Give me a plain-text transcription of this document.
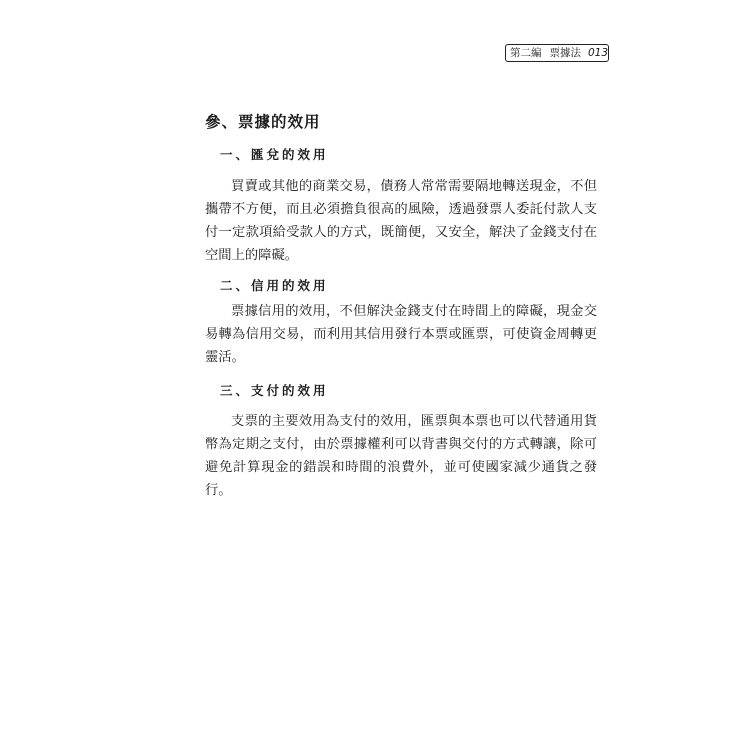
第二編 票據法 013
參、票據的效用
一、匯兌的效用
買賣或其他的商業交易，債務人常常需要隔地轉送現金，不但攜帶不方便，而且必須擔負很高的風險，透過發票人委託付款人支付一定款項給受款人的方式，既簡便，又安全，解決了金錢支付在空間上的障礙。
二、信用的效用
票據信用的效用，不但解決金錢支付在時間上的障礙，現金交易轉為信用交易，而利用其信用發行本票或匯票，可使資金周轉更靈活。
三、支付的效用
支票的主要效用為支付的效用，匯票與本票也可以代替通用貨幣為定期之支付，由於票據權利可以背書與交付的方式轉讓，除可避免計算現金的錯誤和時間的浪費外，並可使國家減少通貨之發行。
